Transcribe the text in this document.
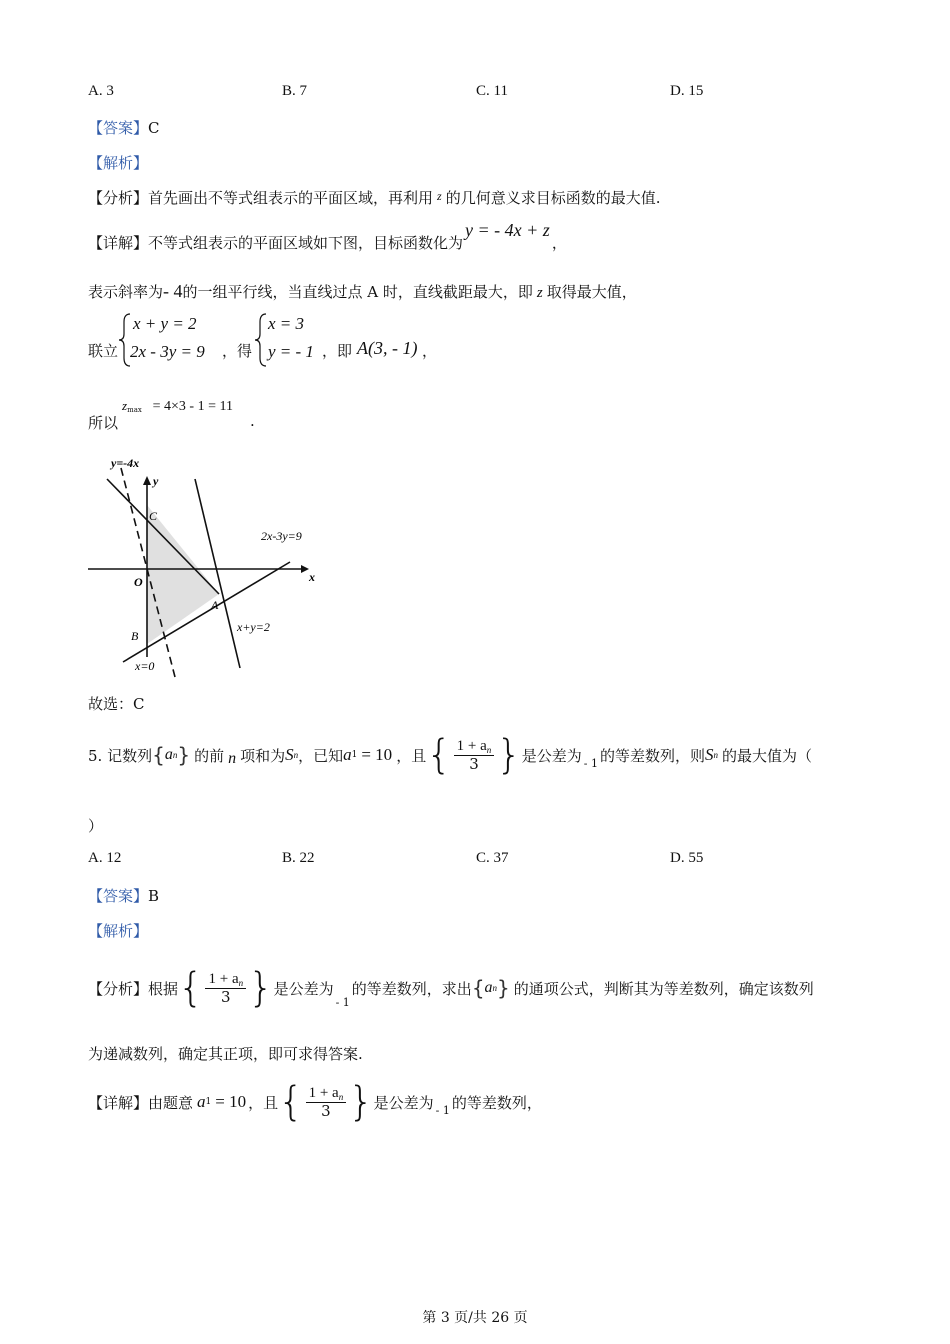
A. 3	B. 7	C. 11	D. 15
【答案】C
【解析】
【分析】首先画出不等式组表示的平面区域，再利用 $^z$ 的几何意义求目标函数的最大值.
【详解】不等式组表示的平面区域如下图，目标函数化为y = - 4x + z，
表示斜率为- 4的一组平行线，当直线过点 A 时，直线截距最大，即 z 取得最大值，
联立
x + y = 2
2x - 3y = 9 ，得
x = 3
y = - 1 ，即 A(3, - 1) ，
所以
zmax = 4×3 - 1 = 11
.
y=-4x
y
x
C
O
A
B
2x-3y=9
x+y=2
x=0
故选：C
5. 记数列 { a n } 的前 n 项和为 S n ，已知 a 1 = 10 ，且 { $\frac{1 + a_n}{3}$ } 是公差为 - 1 的等差数列，则 S n 的最大值为（
）
A. 12	B. 22	C. 37	D. 55
【答案】B
【解析】
【分析】 根据 { $\frac{1 + a_n}{3}$ } 是公差为
- 1
的等差数列，求出 { a n } 的通项公式，判断其为等差数列，确定该数列
为递减数列，确定其正项，即可求得答案.
【详解】 由题意 a 1 = 10 ，且 { $\frac{1 + a_n}{3}$ } 是公差为 - 1 的等差数列，
第 3 页/共 26 页
